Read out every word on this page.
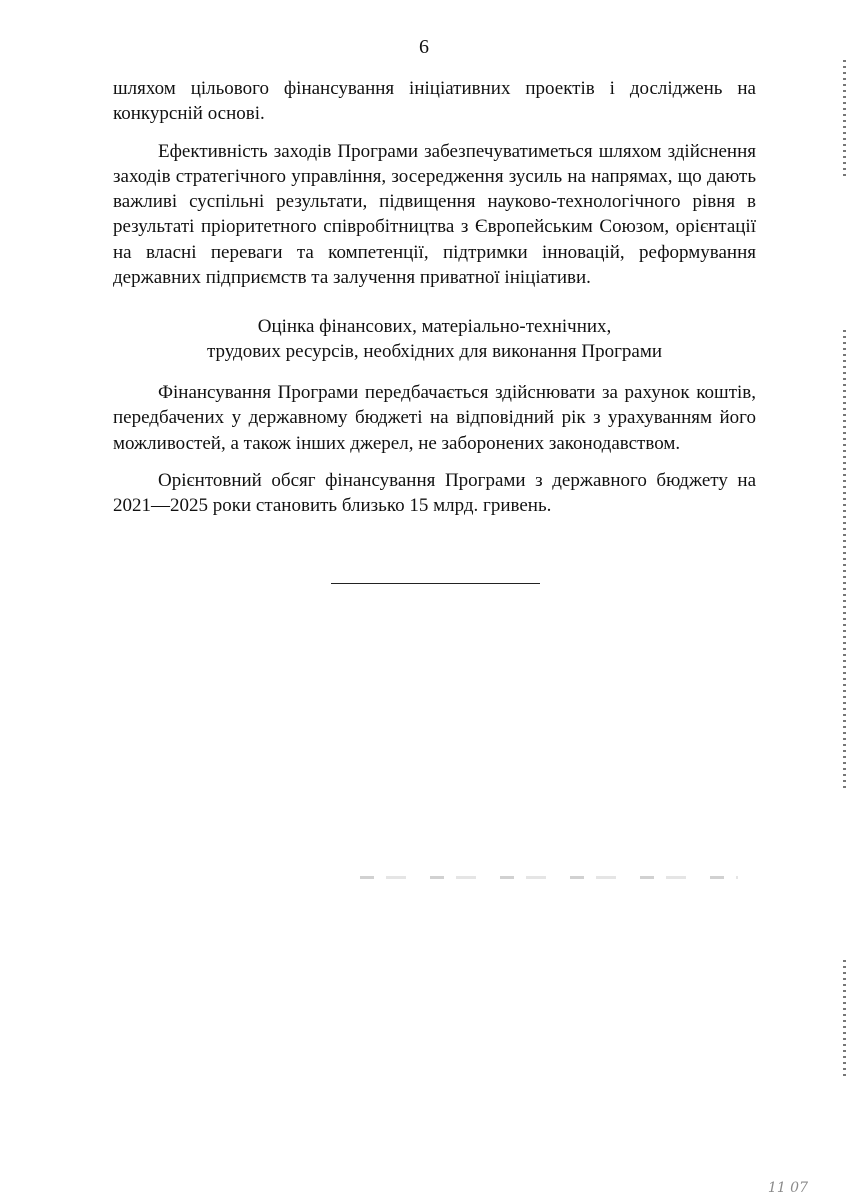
6

шляхом цільового фінансування ініціативних проектів і досліджень на конкурсній основі.

Ефективність заходів Програми забезпечуватиметься шляхом здійснення заходів стратегічного управління, зосередження зусиль на напрямах, що дають важливі суспільні результати, підвищення науково-технологічного рівня в результаті пріоритетного співробітництва з Європейським Союзом, орієнтації на власні переваги та компетенції, підтримки інновацій, реформування державних підприємств та залучення приватної ініціативи.

Оцінка фінансових, матеріально-технічних,
трудових ресурсів, необхідних для виконання Програми

Фінансування Програми передбачається здійснювати за рахунок коштів, передбачених у державному бюджеті на відповідний рік з урахуванням його можливостей, а також інших джерел, не заборонених законодавством.

Орієнтовний обсяг фінансування Програми з державного бюджету на 2021—2025 роки становить близько 15 млрд. гривень.

11 07
